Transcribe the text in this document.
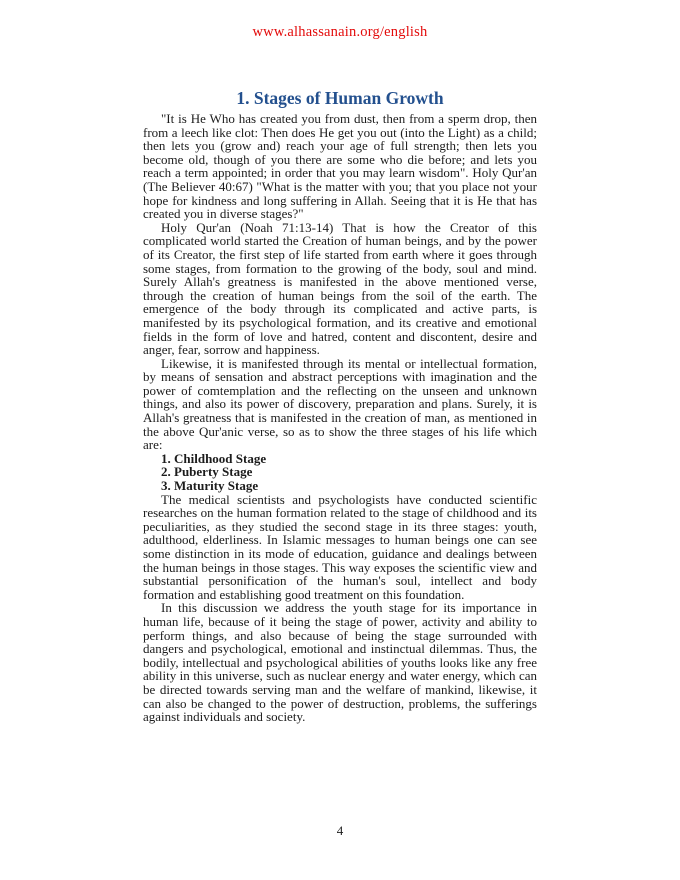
www.alhassanain.org/english
1. Stages of Human Growth

"It is He Who has created you from dust, then from a sperm drop, then from a leech like clot: Then does He get you out (into the Light) as a child; then lets you (grow and) reach your age of full strength; then lets you become old, though of you there are some who die before; and lets you reach a term appointed; in order that you may learn wisdom". Holy Qur'an (The Believer 40:67) "What is the matter with you; that you place not your hope for kindness and long suffering in Allah. Seeing that it is He that has created you in diverse stages?"

Holy Qur'an (Noah 71:13-14) That is how the Creator of this complicated world started the Creation of human beings, and by the power of its Creator, the first step of life started from earth where it goes through some stages, from formation to the growing of the body, soul and mind. Surely Allah's greatness is manifested in the above mentioned verse, through the creation of human beings from the soil of the earth. The emergence of the body through its complicated and active parts, is manifested by its psychological formation, and its creative and emotional fields in the form of love and hatred, content and discontent, desire and anger, fear, sorrow and happiness.

Likewise, it is manifested through its mental or intellectual formation, by means of sensation and abstract perceptions with imagination and the power of comtemplation and the reflecting on the unseen and unknown things, and also its power of discovery, preparation and plans. Surely, it is Allah's greatness that is manifested in the creation of man, as mentioned in the above Qur'anic verse, so as to show the three stages of his life which are:

1. Childhood Stage
2. Puberty Stage
3. Maturity Stage

The medical scientists and psychologists have conducted scientific researches on the human formation related to the stage of childhood and its peculiarities, as they studied the second stage in its three stages: youth, adulthood, elderliness. In Islamic messages to human beings one can see some distinction in its mode of education, guidance and dealings between the human beings in those stages. This way exposes the scientific view and substantial personification of the human's soul, intellect and body formation and establishing good treatment on this foundation.

In this discussion we address the youth stage for its importance in human life, because of it being the stage of power, activity and ability to perform things, and also because of being the stage surrounded with dangers and psychological, emotional and instinctual dilemmas. Thus, the bodily, intellectual and psychological abilities of youths looks like any free ability in this universe, such as nuclear energy and water energy, which can be directed towards serving man and the welfare of mankind, likewise, it can also be changed to the power of destruction, problems, the sufferings against individuals and society.

4
